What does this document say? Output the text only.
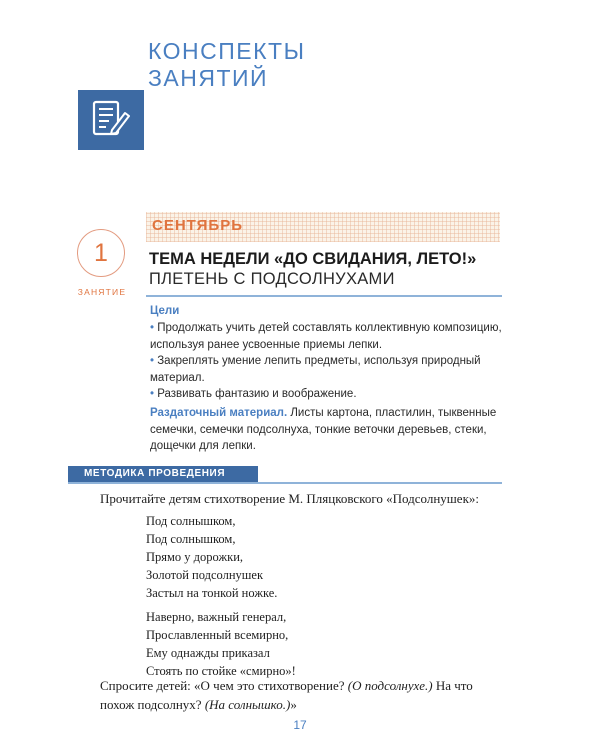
КОНСПЕКТЫ
ЗАНЯТИЙ
СЕНТЯБРЬ
1
ЗАНЯТИЕ
ТЕМА НЕДЕЛИ «ДО СВИДАНИЯ, ЛЕТО!»
ПЛЕТЕНЬ С ПОДСОЛНУХАМИ
Цели
• Продолжать учить детей составлять коллективную композицию, используя ранее усвоенные приемы лепки.
• Закреплять умение лепить предметы, используя природный материал.
• Развивать фантазию и воображение.
Раздаточный материал. Листы картона, пластилин, тыквенные семечки, семечки подсолнуха, тонкие веточки деревьев, стеки, дощечки для лепки.
МЕТОДИКА ПРОВЕДЕНИЯ
Прочитайте детям стихотворение М. Пляцковского «Подсолнушек»:
Под солнышком,
Под солнышком,
Прямо у дорожки,
Золотой подсолнушек
Застыл на тонкой ножке.
Наверно, важный генерал,
Прославленный всемирно,
Ему однажды приказал
Стоять по стойке «смирно»!
Спросите детей: «О чем это стихотворение? (О подсолнухе.) На что похож подсолнух? (На солнышко.)»
17
